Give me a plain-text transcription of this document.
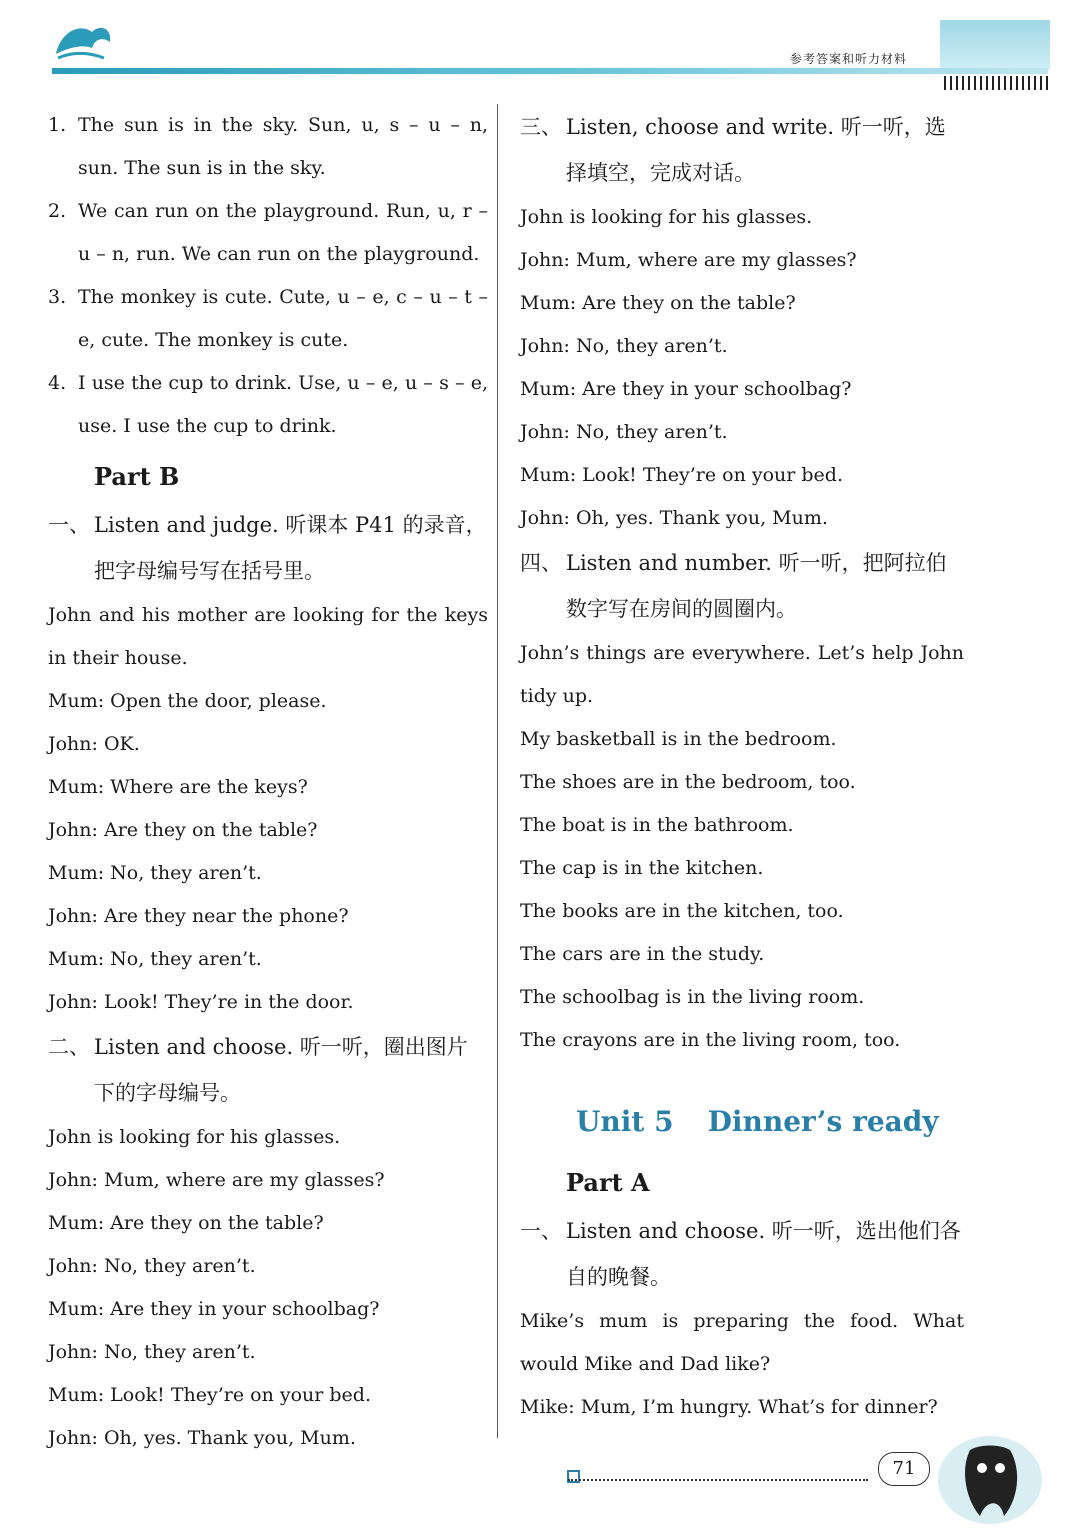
参考答案和听力材料
1. The sun is in the sky. Sun, u, s – u – n, sun. The sun is in the sky.
2. We can run on the playground. Run, u, r – u – n, run. We can run on the playground.
3. The monkey is cute. Cute, u – e, c – u – t – e, cute. The monkey is cute.
4. I use the cup to drink. Use, u – e, u – s – e, use. I use the cup to drink.
Part B
一、 Listen and judge. 听课本 P41 的录音，把字母编号写在括号里。
John and his mother are looking for the keys in their house.
Mum: Open the door, please.
John: OK.
Mum: Where are the keys?
John: Are they on the table?
Mum: No, they aren’t.
John: Are they near the phone?
Mum: No, they aren’t.
John: Look! They’re in the door.
二、 Listen and choose. 听一听，圈出图片下的字母编号。
John is looking for his glasses.
John: Mum, where are my glasses?
Mum: Are they on the table?
John: No, they aren’t.
Mum: Are they in your schoolbag?
John: No, they aren’t.
Mum: Look! They’re on your bed.
John: Oh, yes. Thank you, Mum.
三、 Listen, choose and write. 听一听，选择填空，完成对话。
John is looking for his glasses.
John: Mum, where are my glasses?
Mum: Are they on the table?
John: No, they aren’t.
Mum: Are they in your schoolbag?
John: No, they aren’t.
Mum: Look! They’re on your bed.
John: Oh, yes. Thank you, Mum.
四、 Listen and number. 听一听，把阿拉伯数字写在房间的圆圈内。
John’s things are everywhere. Let’s help John tidy up.
My basketball is in the bedroom.
The shoes are in the bedroom, too.
The boat is in the bathroom.
The cap is in the kitchen.
The books are in the kitchen, too.
The cars are in the study.
The schoolbag is in the living room.
The crayons are in the living room, too.
Unit 5 Dinner’s ready
Part A
一、 Listen and choose. 听一听，选出他们各自的晚餐。
Mike’s mum is preparing the food. What would Mike and Dad like?
Mike: Mum, I’m hungry. What’s for dinner?
71
